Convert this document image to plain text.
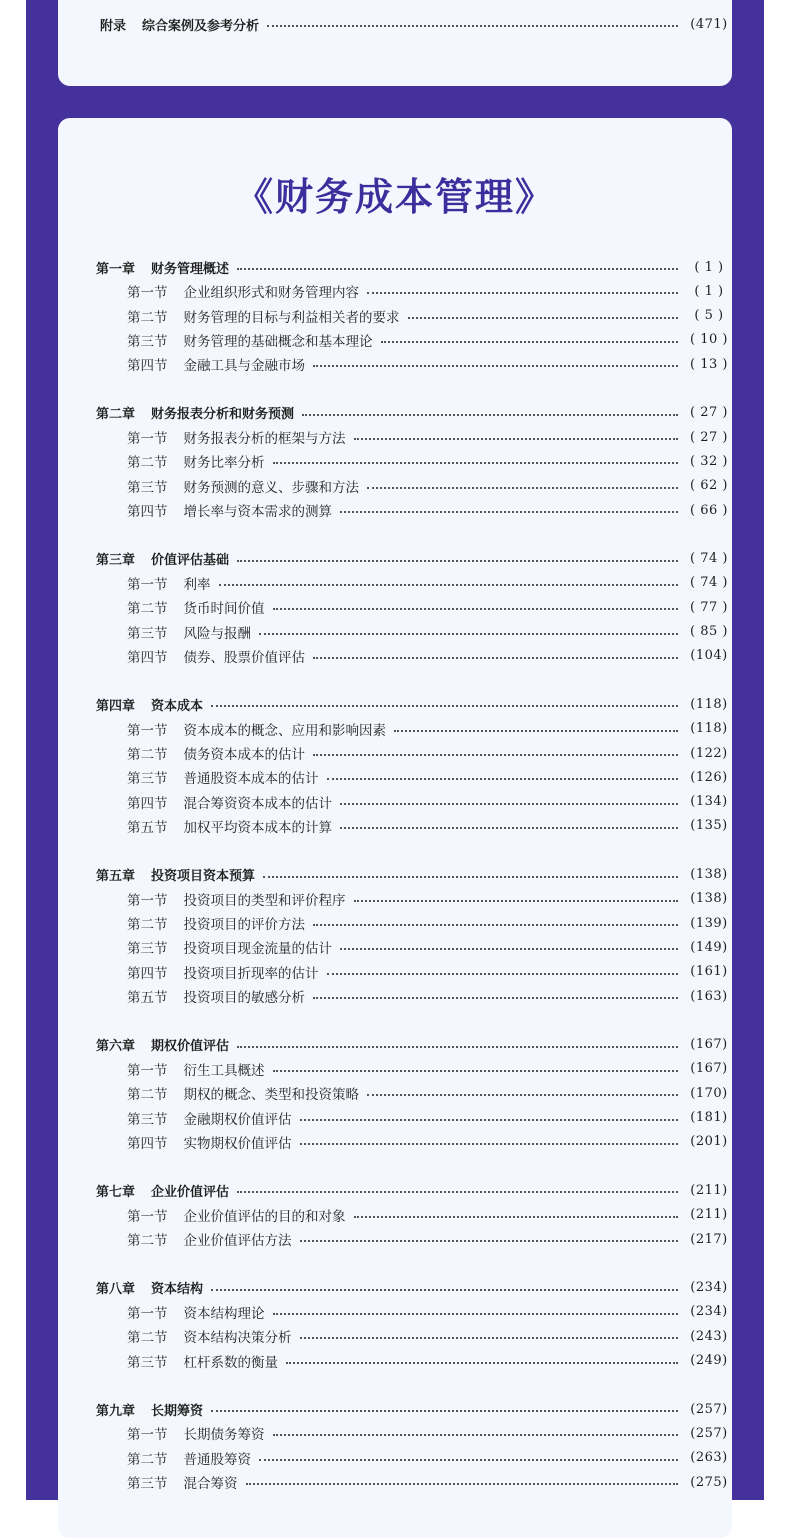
附录 综合案例及参考分析	(471)
《财务成本管理》
第一章 财务管理概述	( 1 )
第一节 企业组织形式和财务管理内容	( 1 )
第二节 财务管理的目标与利益相关者的要求	( 5 )
第三节 财务管理的基础概念和基本理论	( 10 )
第四节 金融工具与金融市场	( 13 )
第二章 财务报表分析和财务预测	( 27 )
第一节 财务报表分析的框架与方法	( 27 )
第二节 财务比率分析	( 32 )
第三节 财务预测的意义、步骤和方法	( 62 )
第四节 增长率与资本需求的测算	( 66 )
第三章 价值评估基础	( 74 )
第一节 利率	( 74 )
第二节 货币时间价值	( 77 )
第三节 风险与报酬	( 85 )
第四节 债券、股票价值评估	(104)
第四章 资本成本	(118)
第一节 资本成本的概念、应用和影响因素	(118)
第二节 债务资本成本的估计	(122)
第三节 普通股资本成本的估计	(126)
第四节 混合筹资资本成本的估计	(134)
第五节 加权平均资本成本的计算	(135)
第五章 投资项目资本预算	(138)
第一节 投资项目的类型和评价程序	(138)
第二节 投资项目的评价方法	(139)
第三节 投资项目现金流量的估计	(149)
第四节 投资项目折现率的估计	(161)
第五节 投资项目的敏感分析	(163)
第六章 期权价值评估	(167)
第一节 衍生工具概述	(167)
第二节 期权的概念、类型和投资策略	(170)
第三节 金融期权价值评估	(181)
第四节 实物期权价值评估	(201)
第七章 企业价值评估	(211)
第一节 企业价值评估的目的和对象	(211)
第二节 企业价值评估方法	(217)
第八章 资本结构	(234)
第一节 资本结构理论	(234)
第二节 资本结构决策分析	(243)
第三节 杠杆系数的衡量	(249)
第九章 长期筹资	(257)
第一节 长期债务筹资	(257)
第二节 普通股筹资	(263)
第三节 混合筹资	(275)
